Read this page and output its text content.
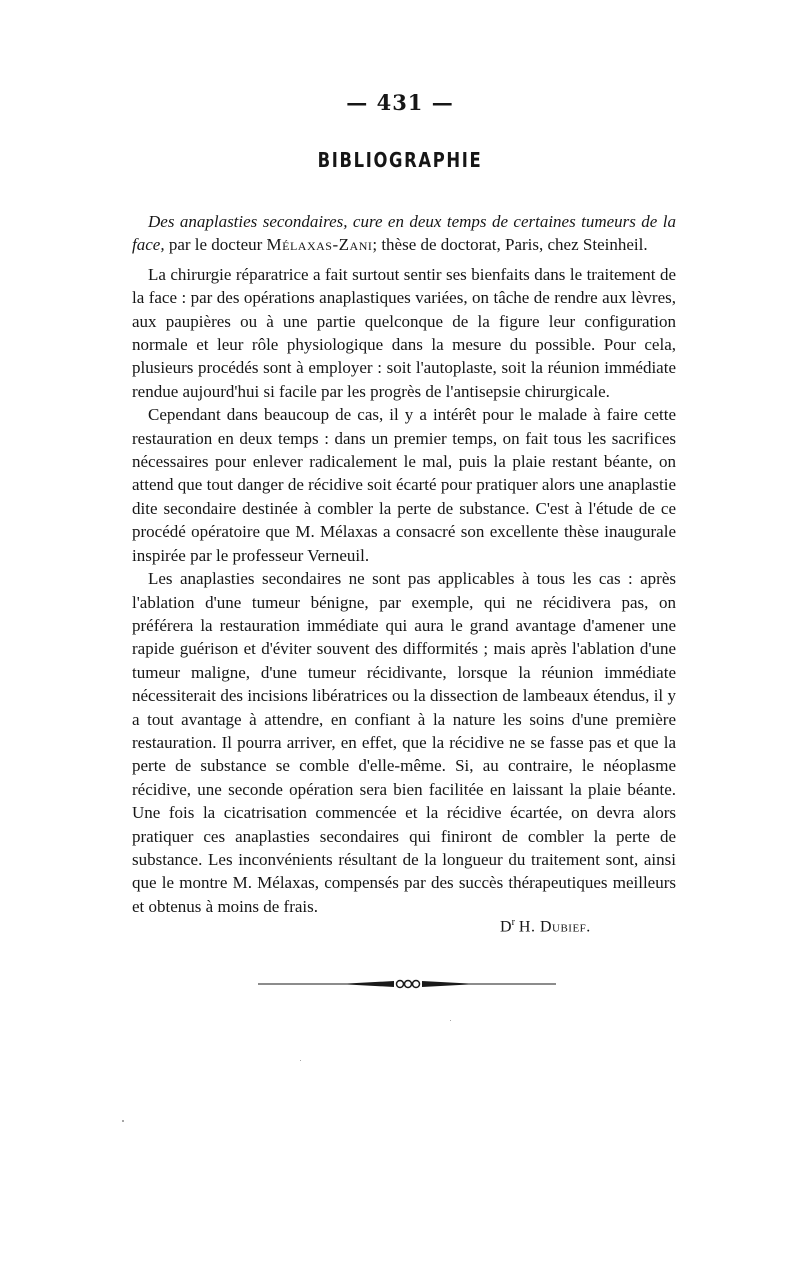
— 431 —
BIBLIOGRAPHIE

Des anaplasties secondaires, cure en deux temps de certaines tumeurs de la face, par le docteur Mélaxas-Zani; thèse de doctorat, Paris, chez Steinheil.

La chirurgie réparatrice a fait surtout sentir ses bienfaits dans le traitement de la face : par des opérations anaplastiques variées, on tâche de rendre aux lèvres, aux paupières ou à une partie quelconque de la figure leur configuration normale et leur rôle physiologique dans la mesure du possible. Pour cela, plusieurs procédés sont à employer : soit l'autoplaste, soit la réunion immédiate rendue aujourd'hui si facile par les progrès de l'antisepsie chirurgicale.

Cependant dans beaucoup de cas, il y a intérêt pour le malade à faire cette restauration en deux temps : dans un premier temps, on fait tous les sacrifices nécessaires pour enlever radicalement le mal, puis la plaie restant béante, on attend que tout danger de récidive soit écarté pour pratiquer alors une anaplastie dite secondaire destinée à combler la perte de substance. C'est à l'étude de ce procédé opératoire que M. Mélaxas a consacré son excellente thèse inaugurale inspirée par le professeur Verneuil.

Les anaplasties secondaires ne sont pas applicables à tous les cas : après l'ablation d'une tumeur bénigne, par exemple, qui ne récidivera pas, on préférera la restauration immédiate qui aura le grand avantage d'amener une rapide guérison et d'éviter souvent des difformités ; mais après l'ablation d'une tumeur maligne, d'une tumeur récidivante, lorsque la réunion immédiate nécessiterait des incisions libératrices ou la dissection de lambeaux étendus, il y a tout avantage à attendre, en confiant à la nature les soins d'une première restauration. Il pourra arriver, en effet, que la récidive ne se fasse pas et que la perte de substance se comble d'elle-même. Si, au contraire, le néoplasme récidive, une seconde opération sera bien facilitée en laissant la plaie béante. Une fois la cicatrisation commencée et la récidive écartée, on devra alors pratiquer ces anaplasties secondaires qui finiront de combler la perte de substance. Les inconvénients résultant de la longueur du traitement sont, ainsi que le montre M. Mélaxas, compensés par des succès thérapeutiques meilleurs et obtenus à moins de frais.

$D^r$ H. Dubief.
